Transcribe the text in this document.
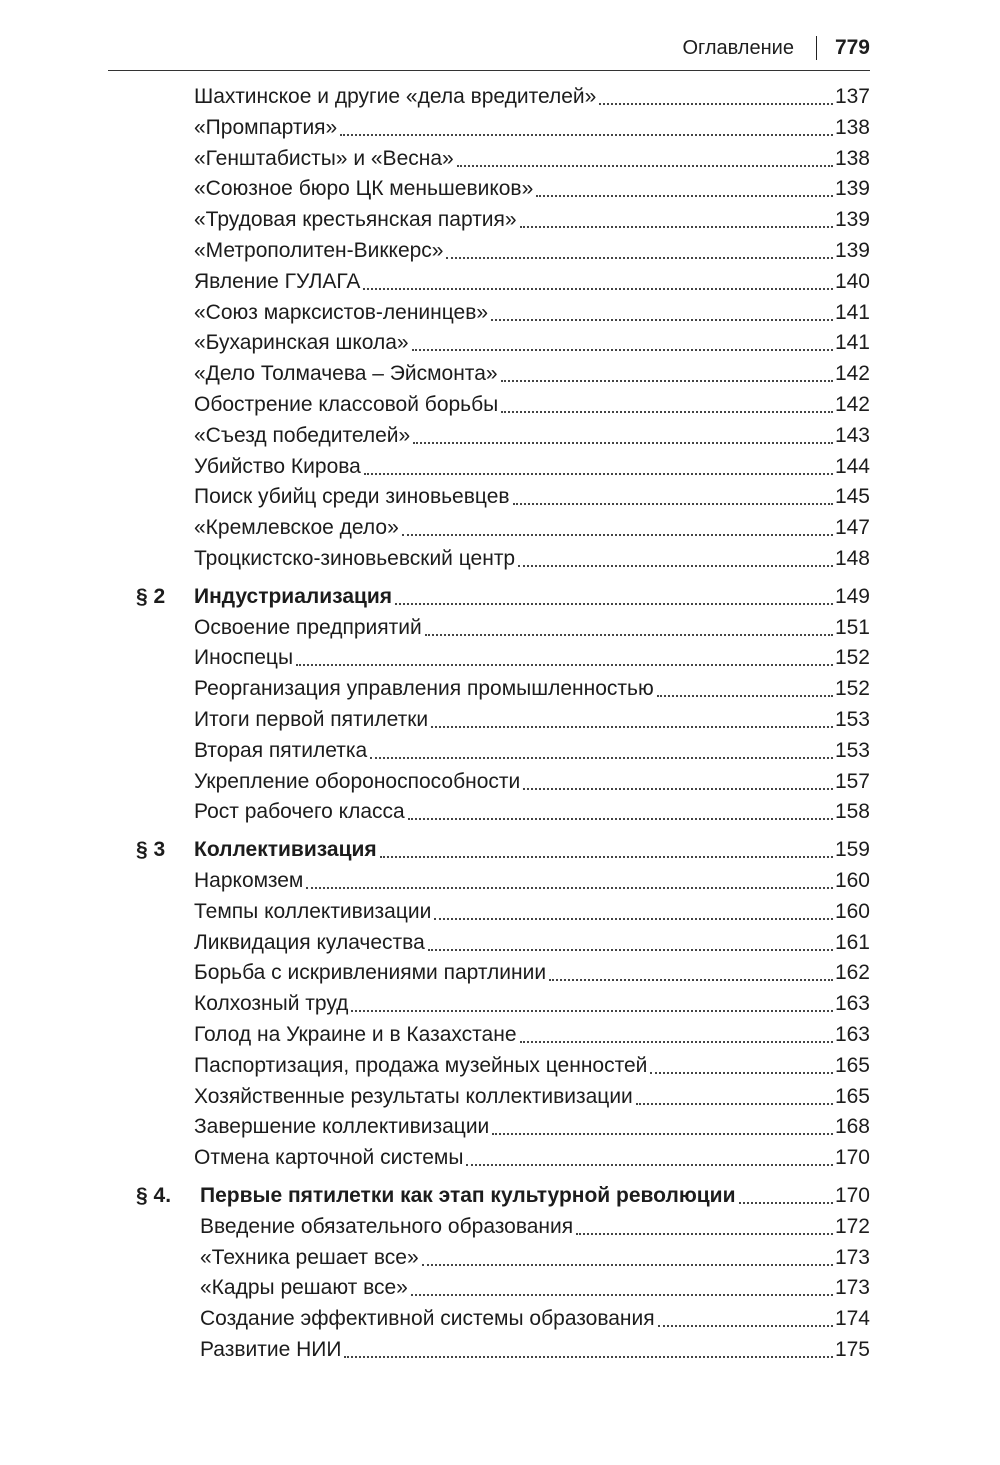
Оглавление 779
Шахтинское и другие «дела вредителей»	137
«Промпартия»	138
«Генштабисты» и «Весна»	138
«Союзное бюро ЦК меньшевиков»	139
«Трудовая крестьянская партия»	139
«Метрополитен-Виккерс»	139
Явление ГУЛАГА	140
«Союз марксистов-ленинцев»	141
«Бухаринская школа»	141
«Дело Толмачева – Эйсмонта»	142
Обострение классовой борьбы	142
«Съезд победителей»	143
Убийство Кирова	144
Поиск убийц среди зиновьевцев	145
«Кремлевское дело»	147
Троцкистско-зиновьевский центр	148
§ 2 Индустриализация	149
Освоение предприятий	151
Иноспецы	152
Реорганизация управления промышленностью	152
Итоги первой пятилетки	153
Вторая пятилетка	153
Укрепление обороноспособности	157
Рост рабочего класса	158
§ 3 Коллективизация	159
Наркомзем	160
Темпы коллективизации	160
Ликвидация кулачества	161
Борьба с искривлениями партлинии	162
Колхозный труд	163
Голод на Украине и в Казахстане	163
Паспортизация, продажа музейных ценностей	165
Хозяйственные результаты коллективизации	165
Завершение коллективизации	168
Отмена карточной системы	170
§ 4. Первые пятилетки как этап культурной революции	170
Введение обязательного образования	172
«Техника решает все»	173
«Кадры решают все»	173
Создание эффективной системы образования	174
Развитие НИИ	175
